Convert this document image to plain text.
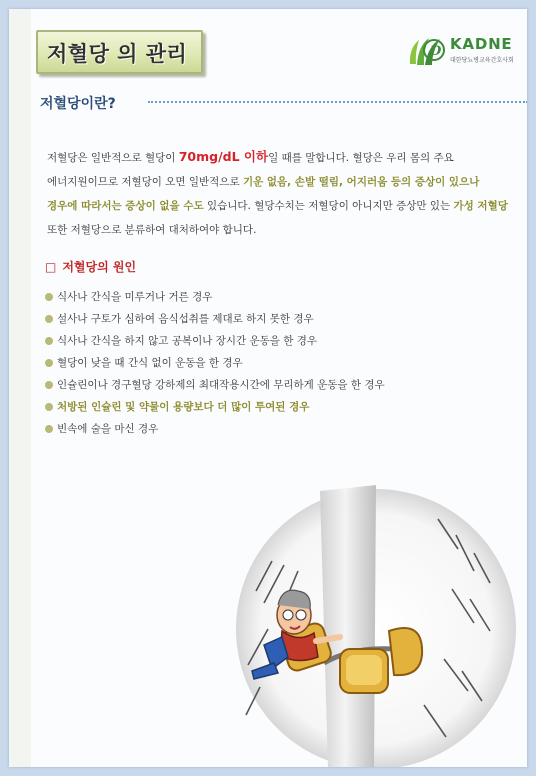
저혈당 의 관리	D KADNE
대한당뇨병교육간호사회
저혈당이란?

저혈당은 일반적으로 혈당이 70mg/dL 이하일 때를 말합니다. 혈당은 우리 몸의 주요 에너지원이므로 저혈당이 오면 일반적으로 기운 없음, 손발 떨림, 어지러움 등의 증상이 있으나 경우에 따라서는 증상이 없을 수도 있습니다. 혈당수치는 저혈당이 아니지만 증상만 있는 가성 저혈당 또한 저혈당으로 분류하여 대처하여야 합니다.

□ 저혈당의 원인
식사나 간식을 미루거나 거른 경우
설사나 구토가 심하여 음식섭취를 제대로 하지 못한 경우
식사나 간식을 하지 않고 공복이나 장시간 운동을 한 경우
혈당이 낮을 때 간식 없이 운동을 한 경우
인슐린이나 경구혈당 강하제의 최대작용시간에 무리하게 운동을 한 경우
처방된 인슐린 및 약물이 용량보다 더 많이 투여된 경우
빈속에 술을 마신 경우
